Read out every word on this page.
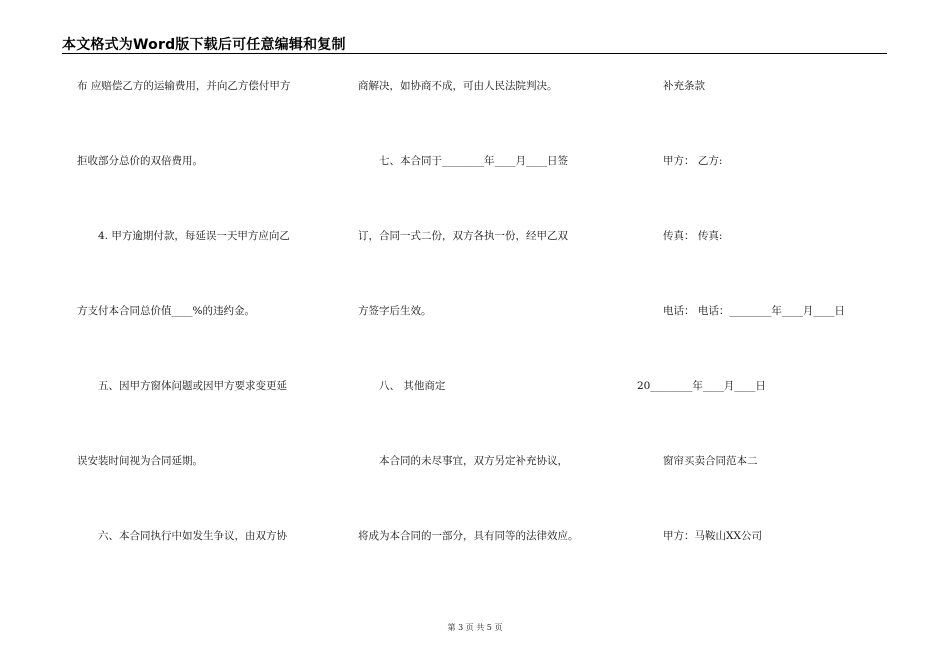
本文格式为Word版下载后可任意编辑和复制
布 应赔偿乙方的运输费用，并向乙方偿付甲方
拒收部分总价的双倍费用。
4. 甲方逾期付款，每延误一天甲方应向乙
方支付本合同总价值____%的违约金。
五、因甲方窗体问题或因甲方要求变更延
误安装时间视为合同延期。
六、本合同执行中如发生争议，由双方协
商解决，如协商不成，可由人民法院判决。
七、本合同于________年____月____日签
订，合同一式二份，双方各执一份，经甲乙双
方签字后生效。
八、 其他商定
本合同的未尽事宜，双方另定补充协议，
将成为本合同的一部分，具有同等的法律效应。
补充条款
甲方： 乙方:
传真： 传真:
电话： 电话：________年____月____日
20________年____月____日
窗帘买卖合同范本二
甲方：马鞍山XX公司
第 3 页 共 5 页
